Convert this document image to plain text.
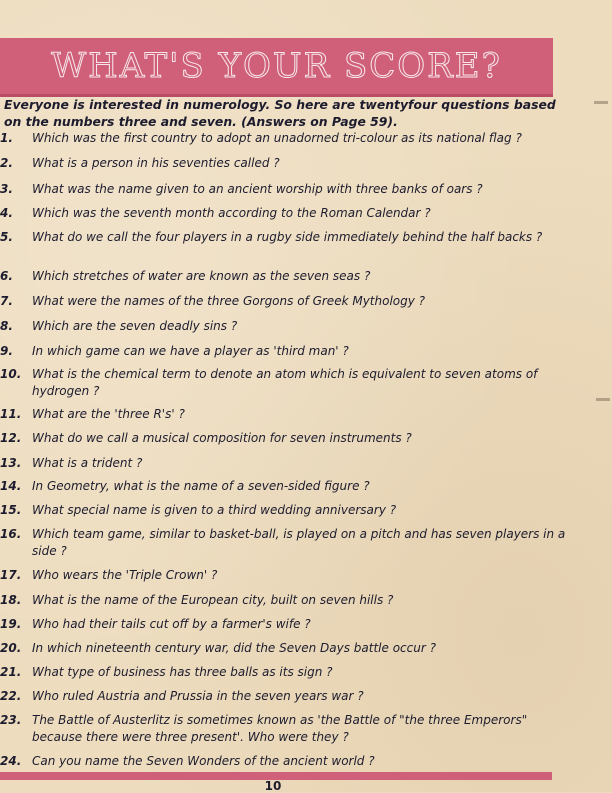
WHAT'S YOUR SCORE?
Everyone is interested in numerology. So here are twentyfour questions based on the numbers three and seven. (Answers on Page 59).
1.	Which was the first country to adopt an unadorned tri-colour as its national flag ?
2.	What is a person in his seventies called ?
3.	What was the name given to an ancient worship with three banks of oars ?
4.	Which was the seventh month according to the Roman Calendar ?
5.	What do we call the four players in a rugby side immediately behind the half backs ?
6.	Which stretches of water are known as the seven seas ?
7.	What were the names of the three Gorgons of Greek Mythology ?
8.	Which are the seven deadly sins ?
9.	In which game can we have a player as 'third man' ?
10. What is the chemical term to denote an atom which is equivalent to seven atoms of hydrogen ?
11. What are the 'three R's' ?
12. What do we call a musical composition for seven instruments ?
13. What is a trident ?
14. In Geometry, what is the name of a seven-sided figure ?
15. What special name is given to a third wedding anniversary ?
16. Which team game, similar to basket-ball, is played on a pitch and has seven players in a side ?
17. Who wears the 'Triple Crown' ?
18. What is the name of the European city, built on seven hills ?
19. Who had their tails cut off by a farmer's wife ?
20. In which nineteenth century war, did the Seven Days battle occur ?
21. What type of business has three balls as its sign ?
22. Who ruled Austria and Prussia in the seven years war ?
23. The Battle of Austerlitz is sometimes known as 'the Battle of "the three Emperors" because there were three present'. Who were they ?
24. Can you name the Seven Wonders of the ancient world ?
10
